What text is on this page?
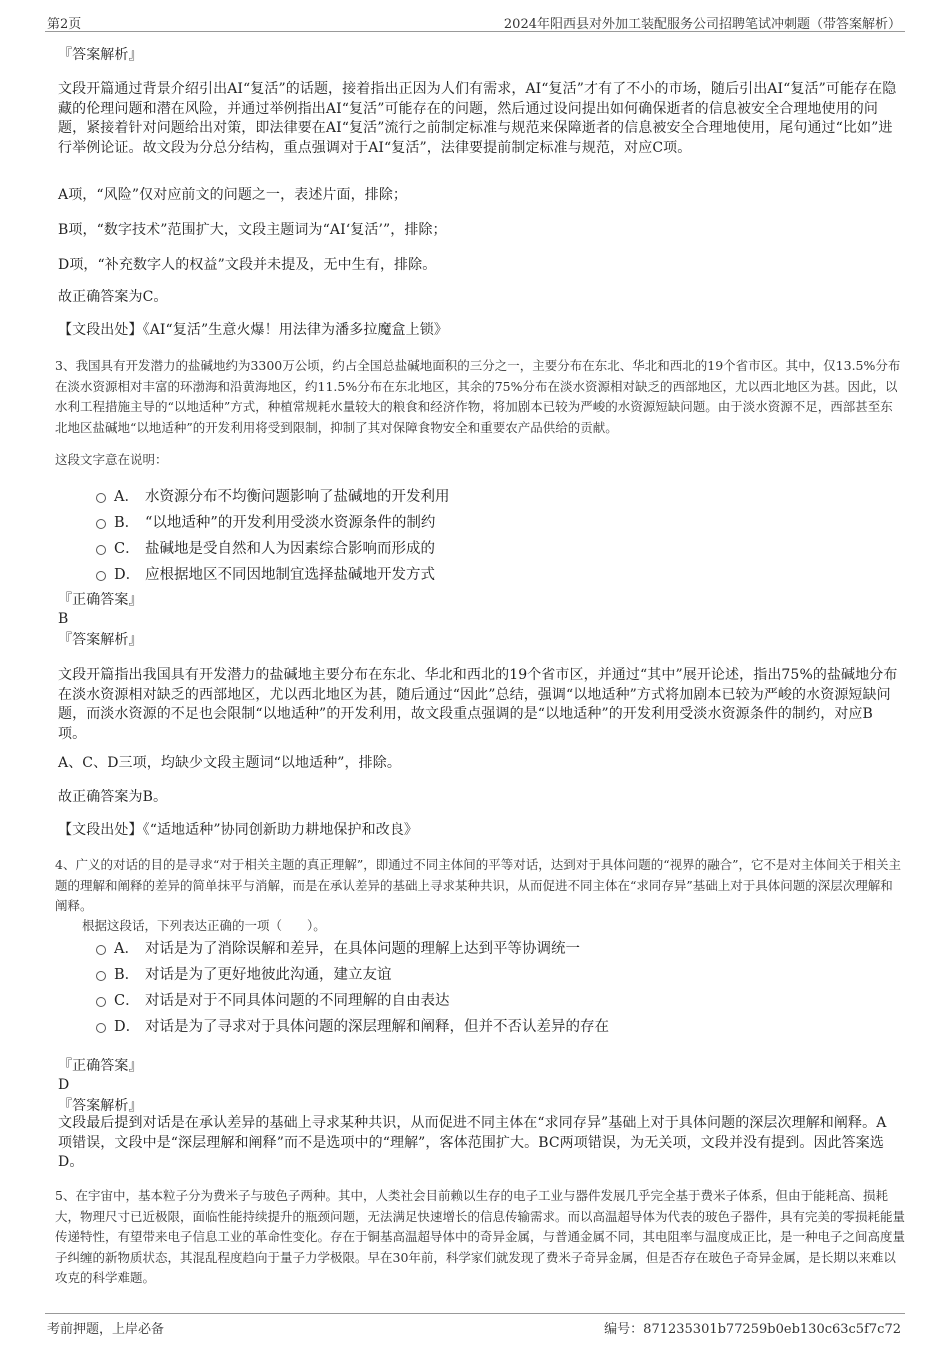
第2页	2024年阳西县对外加工装配服务公司招聘笔试冲刺题（带答案解析）
『答案解析』
文段开篇通过背景介绍引出AI“复活”的话题，接着指出正因为人们有需求，AI“复活”才有了不小的市场，随后引出AI“复活”可能存在隐藏的伦理问题和潜在风险，并通过举例指出AI“复活”可能存在的问题，然后通过设问提出如何确保逝者的信息被安全合理地使用的问题，紧接着针对问题给出对策，即法律要在AI“复活”流行之前制定标准与规范来保障逝者的信息被安全合理地使用，尾句通过“比如”进行举例论证。故文段为分总分结构，重点强调对于AI“复活”，法律要提前制定标准与规范，对应C项。
A项，“风险”仅对应前文的问题之一，表述片面，排除；
B项，“数字技术”范围扩大，文段主题词为“AI‘复活’”，排除；
D项，“补充数字人的权益”文段并未提及，无中生有，排除。
故正确答案为C。
【文段出处】《AI“复活”生意火爆！用法律为潘多拉魔盒上锁》
3、我国具有开发潜力的盐碱地约为3300万公顷，约占全国总盐碱地面积的三分之一，主要分布在东北、华北和西北的19个省市区。其中，仅13.5%分布在淡水资源相对丰富的环渤海和沿黄海地区，约11.5%分布在东北地区，其余的75%分布在淡水资源相对缺乏的西部地区，尤以西北地区为甚。因此，以水利工程措施主导的“以地适种”方式，种植常规耗水量较大的粮食和经济作物，将加剧本已较为严峻的水资源短缺问题。由于淡水资源不足，西部甚至东北地区盐碱地“以地适种”的开发利用将受到限制，抑制了其对保障食物安全和重要农产品供给的贡献。
这段文字意在说明：
A． 水资源分布不均衡问题影响了盐碱地的开发利用
B． “以地适种”的开发利用受淡水资源条件的制约
C． 盐碱地是受自然和人为因素综合影响而形成的
D． 应根据地区不同因地制宜选择盐碱地开发方式
『正确答案』
B
『答案解析』
文段开篇指出我国具有开发潜力的盐碱地主要分布在东北、华北和西北的19个省市区，并通过“其中”展开论述，指出75%的盐碱地分布在淡水资源相对缺乏的西部地区，尤以西北地区为甚，随后通过“因此”总结，强调“以地适种”方式将加剧本已较为严峻的水资源短缺问题，而淡水资源的不足也会限制“以地适种”的开发利用，故文段重点强调的是“以地适种”的开发利用受淡水资源条件的制约，对应B项。
A、C、D三项，均缺少文段主题词“以地适种”，排除。
故正确答案为B。
【文段出处】《“适地适种”协同创新助力耕地保护和改良》
4、广义的对话的目的是寻求“对于相关主题的真正理解”，即通过不同主体间的平等对话，达到对于具体问题的“视界的融合”，它不是对主体间关于相关主题的理解和阐释的差异的简单抹平与消解，而是在承认差异的基础上寻求某种共识，从而促进不同主体在“求同存异”基础上对于具体问题的深层次理解和阐释。
根据这段话，下列表达正确的一项（　　）。
A． 对话是为了消除误解和差异，在具体问题的理解上达到平等协调统一
B． 对话是为了更好地彼此沟通，建立友谊
C． 对话是对于不同具体问题的不同理解的自由表达
D． 对话是为了寻求对于具体问题的深层理解和阐释，但并不否认差异的存在
『正确答案』
D
『答案解析』
文段最后提到对话是在承认差异的基础上寻求某种共识，从而促进不同主体在“求同存异”基础上对于具体问题的深层次理解和阐释。A项错误，文段中是“深层理解和阐释”而不是选项中的“理解”，客体范围扩大。BC两项错误，为无关项，文段并没有提到。因此答案选D。
5、在宇宙中，基本粒子分为费米子与玻色子两种。其中，人类社会目前赖以生存的电子工业与器件发展几乎完全基于费米子体系，但由于能耗高、损耗大，物理尺寸已近极限，面临性能持续提升的瓶颈问题，无法满足快速增长的信息传输需求。而以高温超导体为代表的玻色子器件，具有完美的零损耗能量传递特性，有望带来电子信息工业的革命性变化。存在于铜基高温超导体中的奇异金属，与普通金属不同，其电阻率与温度成正比，是一种电子之间高度量子纠缠的新物质状态，其混乱程度趋向于量子力学极限。早在30年前，科学家们就发现了费米子奇异金属，但是否存在玻色子奇异金属，是长期以来难以攻克的科学难题。
考前押题，上岸必备	编号：871235301b77259b0eb130c63c5f7c72
